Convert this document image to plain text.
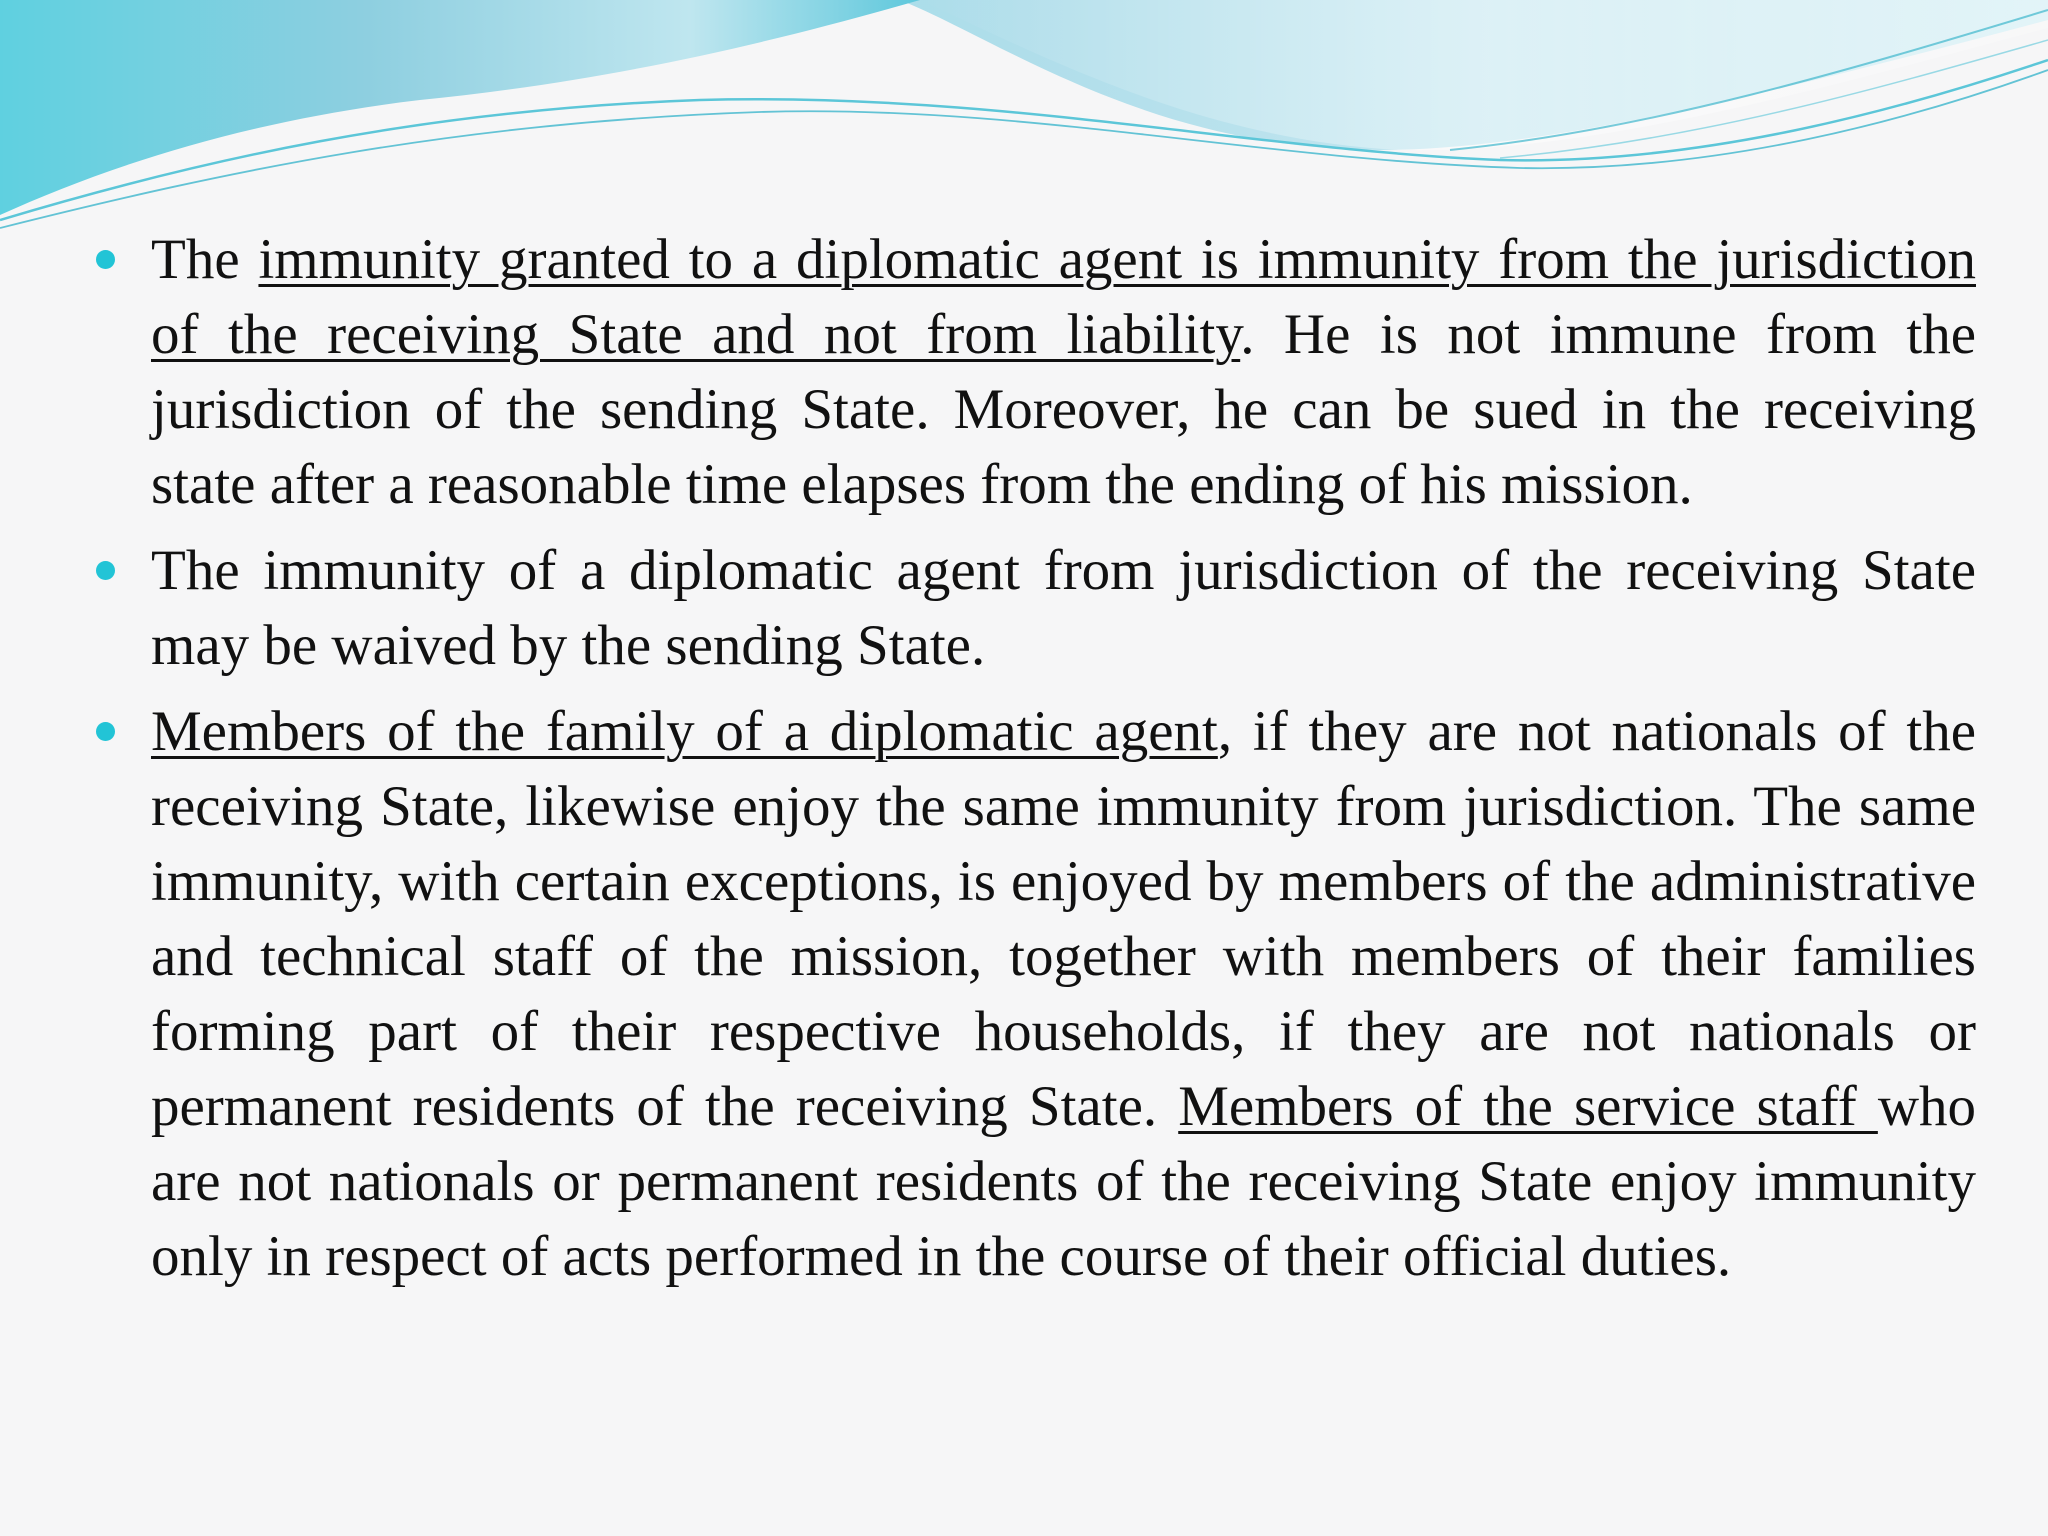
The immunity granted to a diplomatic agent is immunity from the jurisdiction of the receiving State and not from liability. He is not immune from the jurisdiction of the sending State. Moreover, he can be sued in the receiving state after a reasonable time elapses from the ending of his mission.

The immunity of a diplomatic agent from jurisdiction of the receiving State may be waived by the sending State.

Members of the family of a diplomatic agent, if they are not nationals of the receiving State, likewise enjoy the same immunity from jurisdiction. The same immunity, with certain exceptions, is enjoyed by members of the administrative and technical staff of the mission, together with members of their families forming part of their respective households, if they are not nationals or permanent residents of the receiving State. Members of the service staff who are not nationals or permanent residents of the receiving State enjoy immunity only in respect of acts performed in the course of their official duties.
